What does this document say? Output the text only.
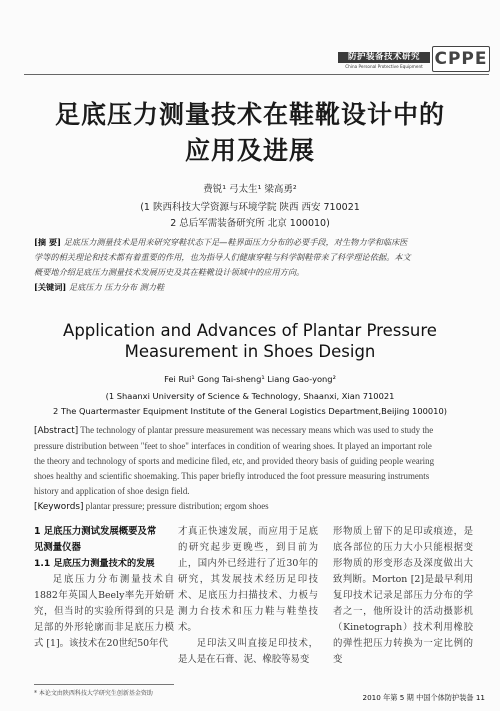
防护装备技术研究
China Personal Protective Equipment CPPE
足底压力测量技术在鞋靴设计中的
应用及进展
费锐¹ 弓太生¹ 梁高勇²
(1 陕西科技大学资源与环境学院 陕西 西安 710021
2 总后军需装备研究所 北京 100010)
[摘 要] 足底压力测量技术是用来研究穿鞋状态下足—鞋界面压力分布的必要手段，对生物力学和临床医
学等的相关理论和技术都有着重要的作用，也为指导人们健康穿鞋与科学制鞋带来了科学理论依据。本文
概要地介绍足底压力测量技术发展历史及其在鞋靴设计领域中的应用方向。
[关键词] 足底压力 压力分布 测力鞋
Application and Advances of Plantar Pressure
Measurement in Shoes Design
Fei Rui¹ Gong Tai-sheng¹ Liang Gao-yong²
(1 Shaanxi University of Science & Technology, Shaanxi, Xian 710021
2 The Quartermaster Equipment Institute of the General Logistics Department,Beijing 100010)
[Abstract] The technology of plantar pressure measurement was necessary means which was used to study the
pressure distribution between "feet to shoe" interfaces in condition of wearing shoes. It played an important role
the theory and technology of sports and medicine filed, etc, and provided theory basis of guiding people wearing
shoes healthy and scientific shoemaking. This paper briefly introduced the foot pressure measuring instruments
history and application of shoe design field.
[Keywords] plantar pressure; pressure distribution; ergom shoes
1 足底压力测试发展概要及常
见测量仪器
1.1 足底压力测量技术的发展

足底压力分布测量技术自1882年英国人Beely率先开始研究，但当时的实验所得到的只是足部的外形轮廓而非足底压力模式 [1]。该技术在20世纪50年代

才真正快速发展，而应用于足底的研究起步更晚些，到目前为止，国内外已经进行了近30年的研究，其发展技术经历足印技术、足底压力扫描技术、力板与测力台技术和压力鞋与鞋垫技术。

足印法又叫直接足印技术，是人是在石膏、泥、橡胶等易变

形物质上留下的足印或痕迹，是底各部位的压力大小只能根据变形物质的形变形态及深度做出大致判断。Morton [2]是最早利用复印技术记录足部压力分布的学者之一，他所设计的活动摄影机（Kinetograph）技术利用橡胶的弹性把压力转换为一定比例的变

* 本论文由陕西科技大学研究生创新基金资助	2010 年第 5 期 中国个体防护装备 11
